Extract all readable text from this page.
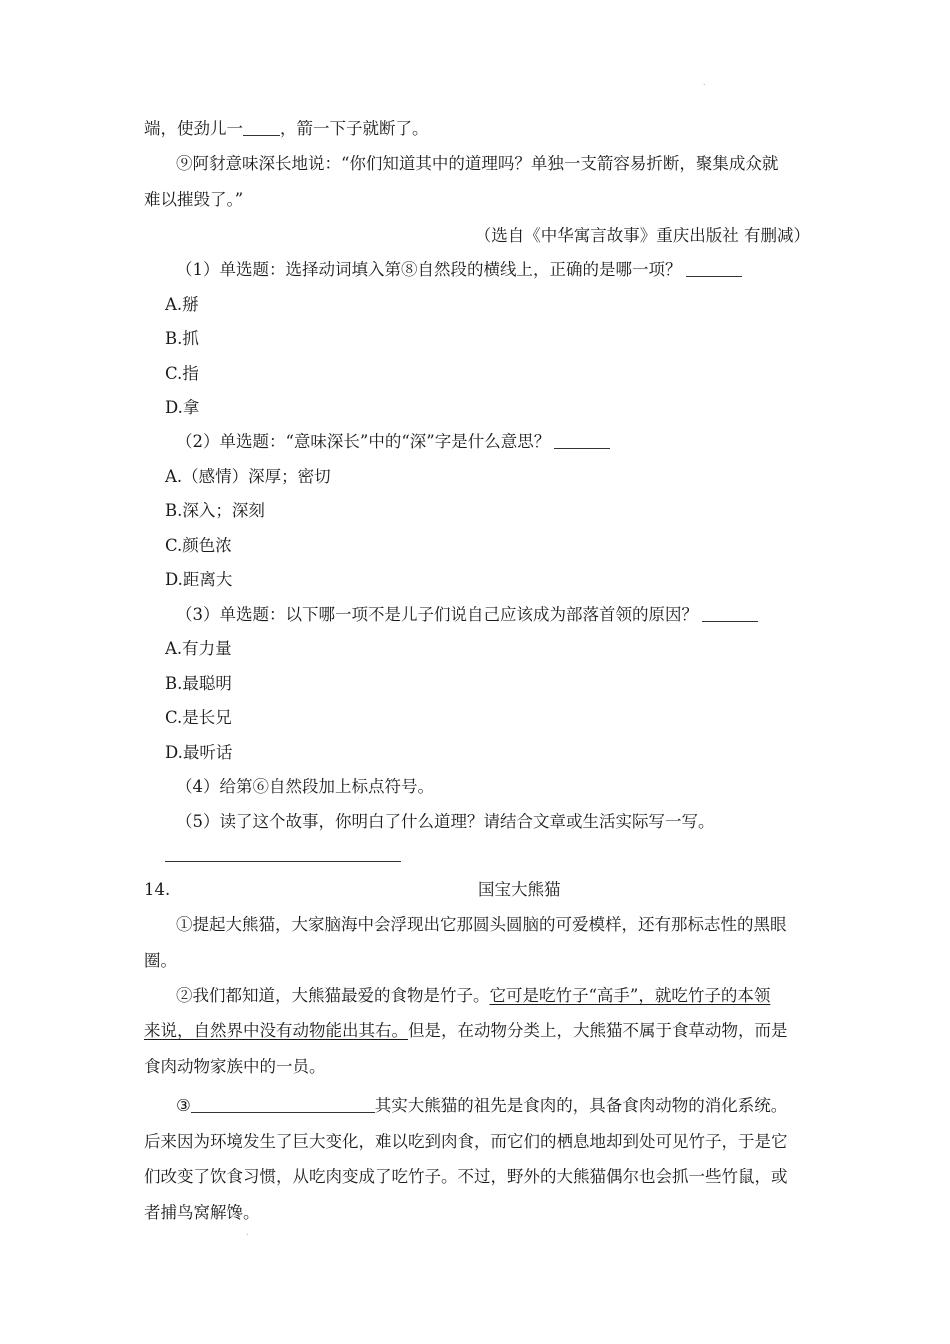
ˎ
端，使劲儿一 ，箭一下子就断了。
⑨阿豺意味深长地说：“你们知道其中的道理吗？单独一支箭容易折断，聚集成众就
难以摧毁了。”
（选自《中华寓言故事》重庆出版社 有删减）
（1）单选题：选择动词填入第⑧自然段的横线上，正确的是哪一项？
A.掰
B.抓
C.指
D.拿
（2）单选题：“意味深长”中的“深”字是什么意思？
A.（感情）深厚；密切
B.深入；深刻
C.颜色浓
D.距离大
（3）单选题：以下哪一项不是儿子们说自己应该成为部落首领的原因？
A.有力量
B.最聪明
C.是长兄
D.最听话
（4）给第⑥自然段加上标点符号。
（5）读了这个故事，你明白了什么道理？请结合文章或生活实际写一写。
14.	国宝大熊猫
①提起大熊猫，大家脑海中会浮现出它那圆头圆脑的可爱模样，还有那标志性的黑眼
圈。
②我们都知道，大熊猫最爱的食物是竹子。它可是吃竹子“高手”，就吃竹子的本领
来说，自然界中没有动物能出其右。但是，在动物分类上，大熊猫不属于食草动物，而是
食肉动物家族中的一员。
③	其实大熊猫的祖先是食肉的，具备食肉动物的消化系统。
后来因为环境发生了巨大变化，难以吃到肉食，而它们的栖息地却到处可见竹子，于是它
们改变了饮食习惯，从吃肉变成了吃竹子。不过，野外的大熊猫偶尔也会抓一些竹鼠，或
者捕鸟窝解馋。
ˎ
